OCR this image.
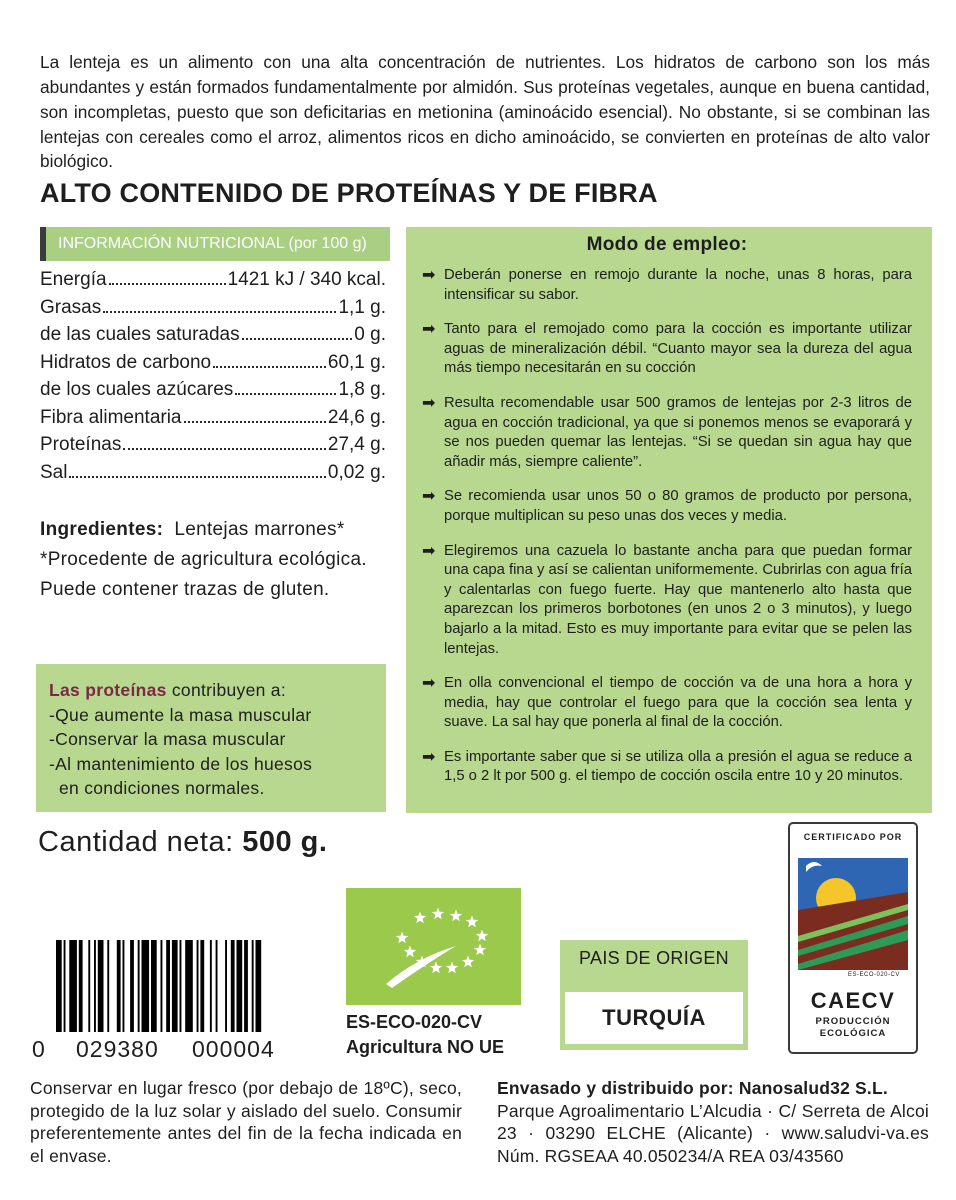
La lenteja es un alimento con una alta concentración de nutrientes. Los hidratos de carbono son los más abundantes y están formados fundamentalmente por almidón. Sus proteínas vegetales, aunque en buena cantidad, son incompletas, puesto que son deficitarias en metionina (aminoácido esencial). No obstante, si se combinan las lentejas con cereales como el arroz, alimentos ricos en dicho aminoácido, se convierten en proteínas de alto valor biológico.

ALTO CONTENIDO DE PROTEÍNAS Y DE FIBRA
INFORMACIÓN NUTRICIONAL (por 100 g)
Energía	1421 kJ / 340 kcal.
Grasas	1,1 g.
de las cuales saturadas	0 g.
Hidratos de carbono	60,1 g.
de los cuales azúcares	1,8 g.
Fibra alimentaria	24,6 g.
Proteínas	27,4 g.
Sal	0,02 g.
Ingredientes: Lentejas marrones*
*Procedente de agricultura ecológica.
Puede contener trazas de gluten.
Las proteínas contribuyen a:
-Que aumente la masa muscular
-Conservar la masa muscular
-Al mantenimiento de los huesos
en condiciones normales.
Modo de empleo:
➡ Deberán ponerse en remojo durante la noche, unas 8 horas, para intensificar su sabor.
➡ Tanto para el remojado como para la cocción es importante utilizar aguas de mineralización débil. “Cuanto mayor sea la dureza del agua más tiempo necesitarán en su cocción
➡ Resulta recomendable usar 500 gramos de lentejas por 2-3 litros de agua en cocción tradicional, ya que si ponemos menos se evaporará y se nos pueden quemar las lentejas. “Si se quedan sin agua hay que añadir más, siempre caliente”.
➡ Se recomienda usar unos 50 o 80 gramos de producto por persona, porque multiplican su peso unas dos veces y media.
➡ Elegiremos una cazuela lo bastante ancha para que puedan formar una capa fina y así se calientan uniformemente. Cubrirlas con agua fría y calentarlas con fuego fuerte. Hay que mantenerlo alto hasta que aparezcan los primeros borbotones (en unos 2 o 3 minutos), y luego bajarlo a la mitad. Esto es muy importante para evitar que se pelen las lentejas.
➡ En olla convencional el tiempo de cocción va de una hora a hora y media, hay que controlar el fuego para que la cocción sea lenta y suave. La sal hay que ponerla al final de la cocción.
➡ Es importante saber que si se utiliza olla a presión el agua se reduce a 1,5 o 2 lt por 500 g. el tiempo de cocción oscila entre 10 y 20 minutos.
Cantidad neta: 500 g.
0 029380 000004
ES-ECO-020-CV
Agricultura NO UE
PAIS DE ORIGEN
TURQUÍA
CERTIFICADO POR
ES-ECO-020-CV
CAECV
PRODUCCIÓN
ECOLÓGICA

Conservar en lugar fresco (por debajo de 18ºC), seco, protegido de la luz solar y aislado del suelo. Consumir preferentemente antes del fin de la fecha indicada en el envase.

Envasado y distribuido por: Nanosalud32 S.L.
Parque Agroalimentario L’Alcudia · C/ Serreta de Alcoi 23 · 03290 ELCHE (Alicante) · www.saludvi-va.es Núm. RGSEAA 40.050234/A REA 03/43560
